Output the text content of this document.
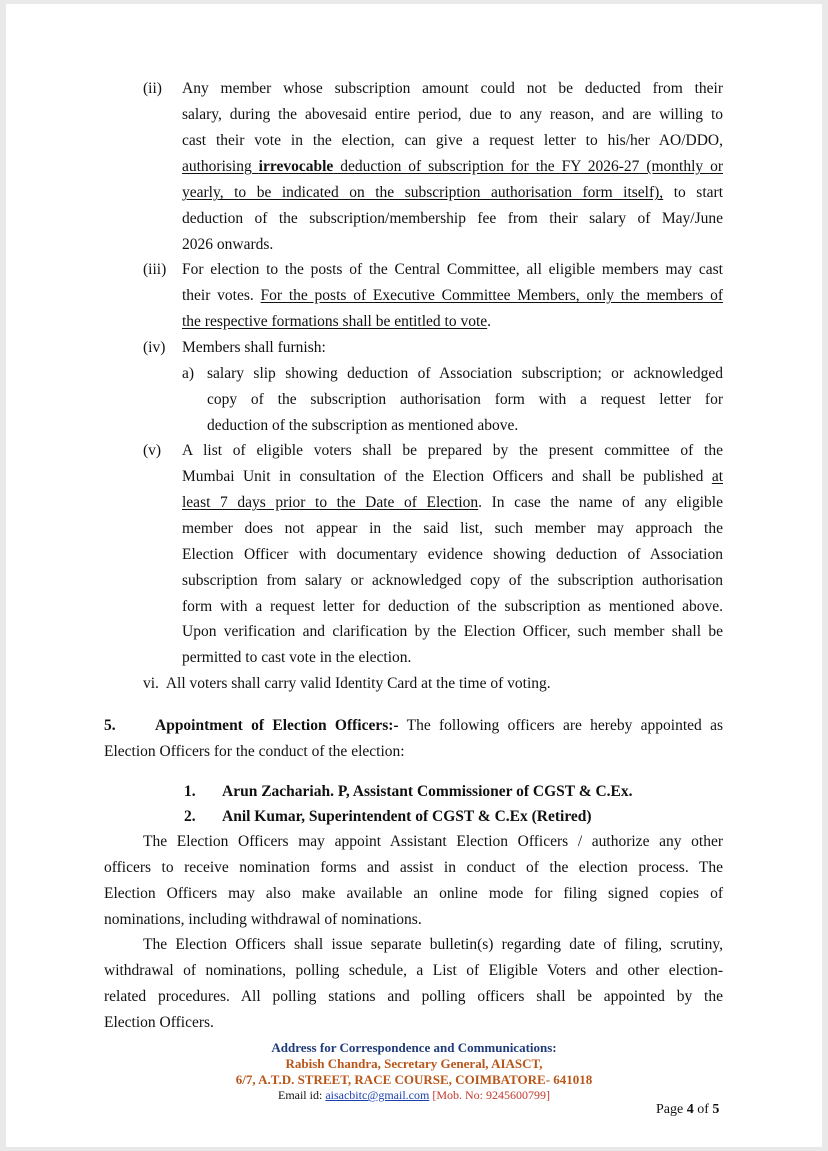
(ii) Any member whose subscription amount could not be deducted from their
salary, during the abovesaid entire period, due to any reason, and are willing to
cast their vote in the election, can give a request letter to his/her AO/DDO,
authorising irrevocable deduction of subscription for the FY 2026-27 (monthly or
yearly, to be indicated on the subscription authorisation form itself), to start
deduction of the subscription/membership fee from their salary of May/June
2026 onwards.
(iii) For election to the posts of the Central Committee, all eligible members may cast
their votes. For the posts of Executive Committee Members, only the members of
the respective formations shall be entitled to vote.
(iv) Members shall furnish:
a) salary slip showing deduction of Association subscription; or acknowledged
copy of the subscription authorisation form with a request letter for
deduction of the subscription as mentioned above.
(v) A list of eligible voters shall be prepared by the present committee of the
Mumbai Unit in consultation of the Election Officers and shall be published at
least 7 days prior to the Date of Election. In case the name of any eligible
member does not appear in the said list, such member may approach the
Election Officer with documentary evidence showing deduction of Association
subscription from salary or acknowledged copy of the subscription authorisation
form with a request letter for deduction of the subscription as mentioned above.
Upon verification and clarification by the Election Officer, such member shall be
permitted to cast vote in the election.
vi.  All voters shall carry valid Identity Card at the time of voting.
5.	Appointment of Election Officers:- The following officers are hereby appointed as
Election Officers for the conduct of the election:
1. Arun Zachariah. P, Assistant Commissioner of CGST & C.Ex.
2. Anil Kumar, Superintendent of CGST & C.Ex (Retired)
The Election Officers may appoint Assistant Election Officers / authorize any other
officers to receive nomination forms and assist in conduct of the election process. The
Election Officers may also make available an online mode for filing signed copies of
nominations, including withdrawal of nominations.
The Election Officers shall issue separate bulletin(s) regarding date of filing, scrutiny,
withdrawal of nominations, polling schedule, a List of Eligible Voters and other election-
related procedures. All polling stations and polling officers shall be appointed by the
Election Officers.
Address for Correspondence and Communications:
Rabish Chandra, Secretary General, AIASCT,
6/7, A.T.D. STREET, RACE COURSE, COIMBATORE- 641018
Email id: aisacbitc@gmail.com [Mob. No: 9245600799]
Page 4 of 5
